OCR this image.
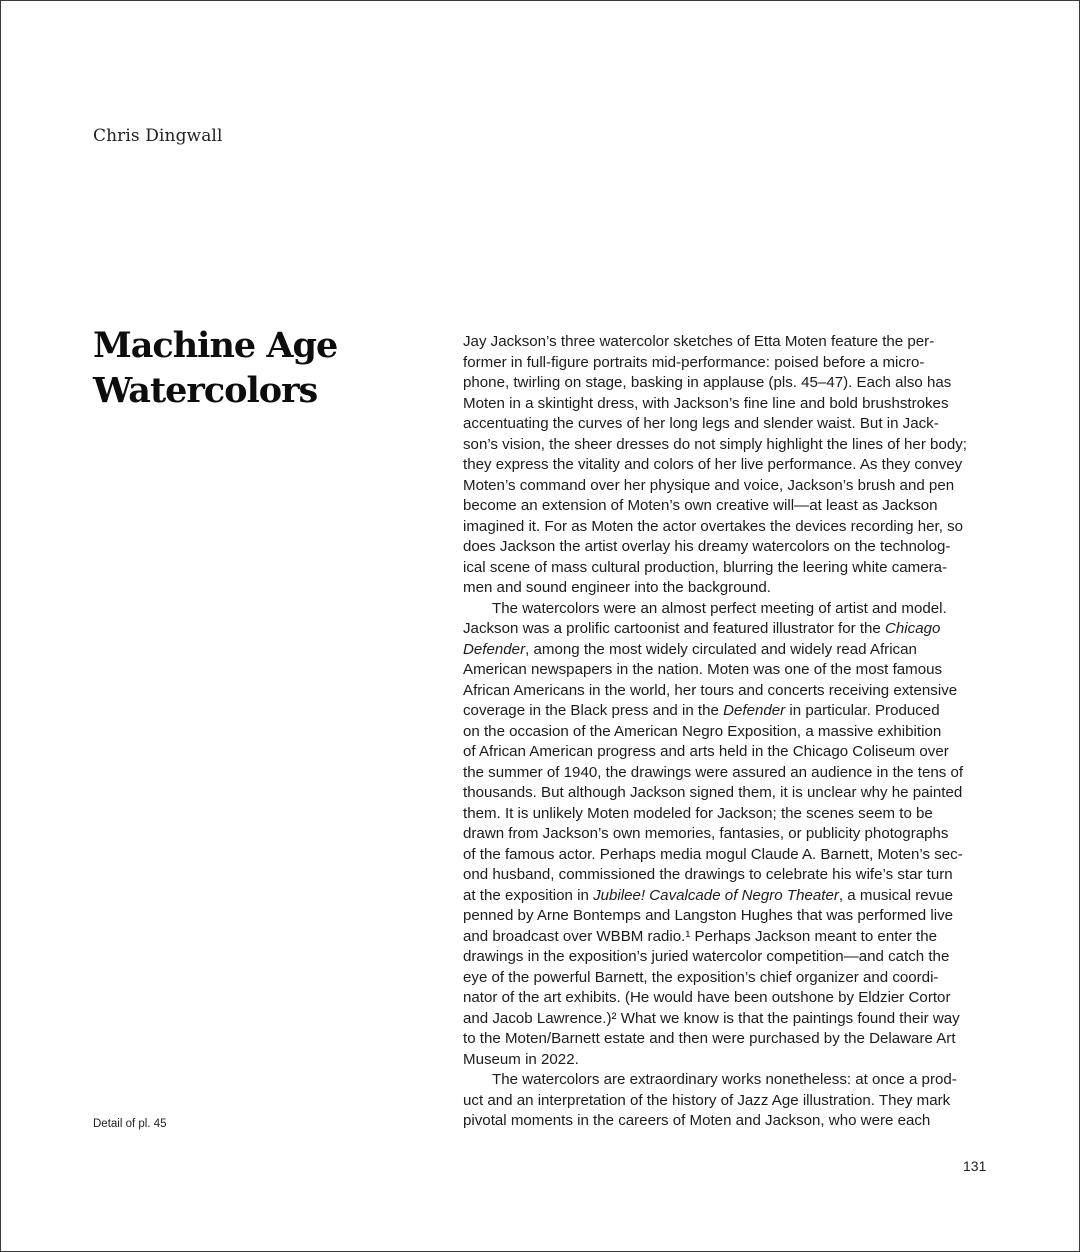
Chris Dingwall
Machine Age
Watercolors
Jay Jackson’s three watercolor sketches of Etta Moten feature the per-
former in full-figure portraits mid-performance: poised before a micro-
phone, twirling on stage, basking in applause (pls. 45–47). Each also has
Moten in a skintight dress, with Jackson’s fine line and bold brushstrokes
accentuating the curves of her long legs and slender waist. But in Jack-
son’s vision, the sheer dresses do not simply highlight the lines of her body;
they express the vitality and colors of her live performance. As they convey
Moten’s command over her physique and voice, Jackson’s brush and pen
become an extension of Moten’s own creative will—at least as Jackson
imagined it. For as Moten the actor overtakes the devices recording her, so
does Jackson the artist overlay his dreamy watercolors on the technolog-
ical scene of mass cultural production, blurring the leering white camera-
men and sound engineer into the background.
The watercolors were an almost perfect meeting of artist and model.
Jackson was a prolific cartoonist and featured illustrator for the Chicago
Defender, among the most widely circulated and widely read African
American newspapers in the nation. Moten was one of the most famous
African Americans in the world, her tours and concerts receiving extensive
coverage in the Black press and in the Defender in particular. Produced
on the occasion of the American Negro Exposition, a massive exhibition
of African American progress and arts held in the Chicago Coliseum over
the summer of 1940, the drawings were assured an audience in the tens of
thousands. But although Jackson signed them, it is unclear why he painted
them. It is unlikely Moten modeled for Jackson; the scenes seem to be
drawn from Jackson’s own memories, fantasies, or publicity photographs
of the famous actor. Perhaps media mogul Claude A. Barnett, Moten’s sec-
ond husband, commissioned the drawings to celebrate his wife’s star turn
at the exposition in Jubilee! Cavalcade of Negro Theater, a musical revue
penned by Arne Bontemps and Langston Hughes that was performed live
and broadcast over WBBM radio.¹ Perhaps Jackson meant to enter the
drawings in the exposition’s juried watercolor competition—and catch the
eye of the powerful Barnett, the exposition’s chief organizer and coordi-
nator of the art exhibits. (He would have been outshone by Eldzier Cortor
and Jacob Lawrence.)² What we know is that the paintings found their way
to the Moten/Barnett estate and then were purchased by the Delaware Art
Museum in 2022.
The watercolors are extraordinary works nonetheless: at once a prod-
uct and an interpretation of the history of Jazz Age illustration. They mark
pivotal moments in the careers of Moten and Jackson, who were each
Detail of pl. 45
131
